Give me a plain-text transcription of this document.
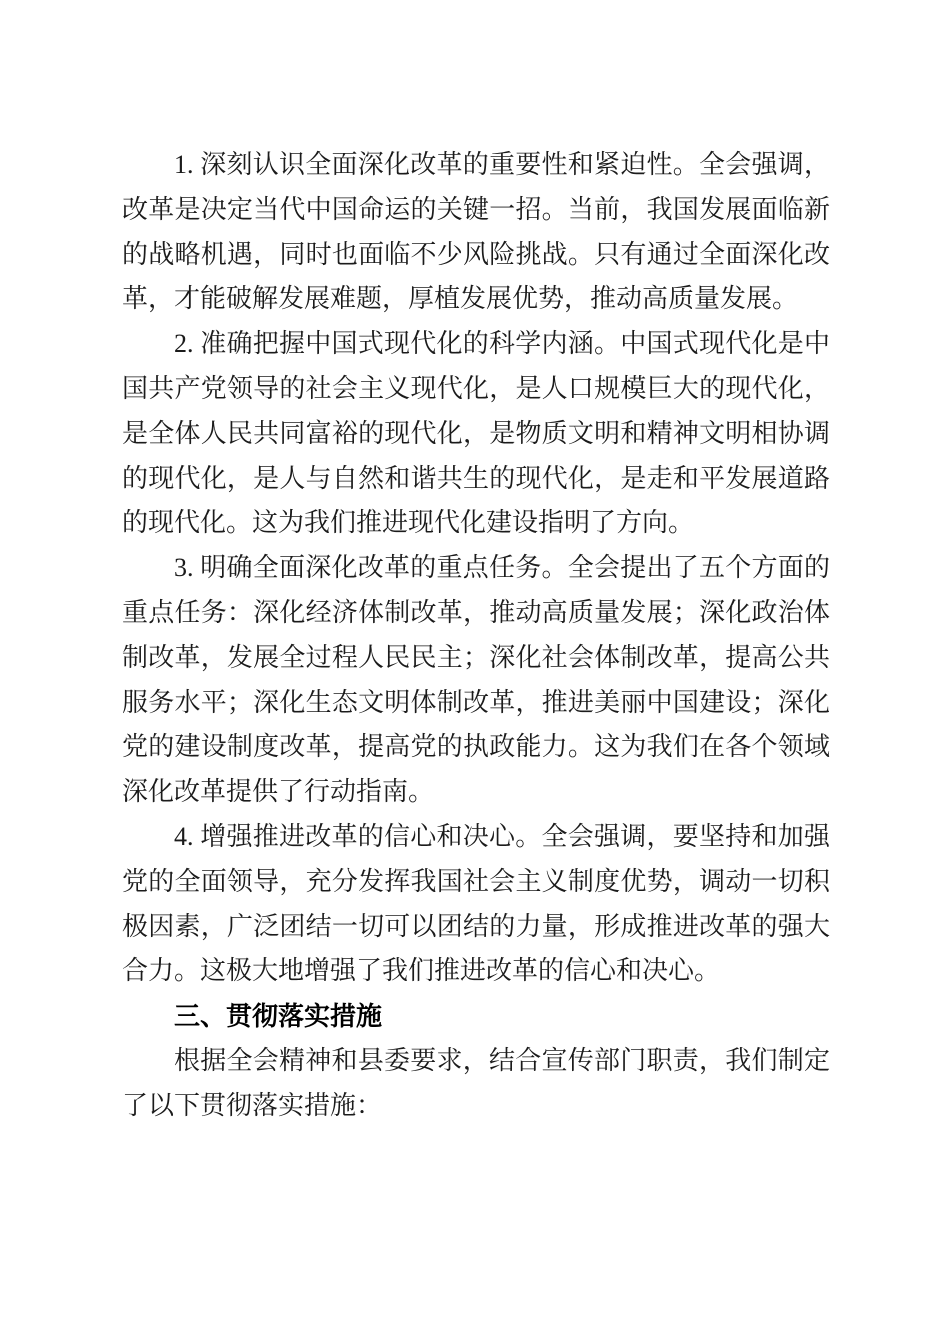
1. 深刻认识全面深化改革的重要性和紧迫性。全会强调，
改革是决定当代中国命运的关键一招。当前，我国发展面临新
的战略机遇，同时也面临不少风险挑战。只有通过全面深化改
革，才能破解发展难题，厚植发展优势，推动高质量发展。
2. 准确把握中国式现代化的科学内涵。中国式现代化是中
国共产党领导的社会主义现代化，是人口规模巨大的现代化，
是全体人民共同富裕的现代化，是物质文明和精神文明相协调
的现代化，是人与自然和谐共生的现代化，是走和平发展道路
的现代化。这为我们推进现代化建设指明了方向。
3. 明确全面深化改革的重点任务。全会提出了五个方面的
重点任务：深化经济体制改革，推动高质量发展；深化政治体
制改革，发展全过程人民民主；深化社会体制改革，提高公共
服务水平；深化生态文明体制改革，推进美丽中国建设；深化
党的建设制度改革，提高党的执政能力。这为我们在各个领域
深化改革提供了行动指南。
4. 增强推进改革的信心和决心。全会强调，要坚持和加强
党的全面领导，充分发挥我国社会主义制度优势，调动一切积
极因素，广泛团结一切可以团结的力量，形成推进改革的强大
合力。这极大地增强了我们推进改革的信心和决心。
三、贯彻落实措施
根据全会精神和县委要求，结合宣传部门职责，我们制定
了以下贯彻落实措施：
